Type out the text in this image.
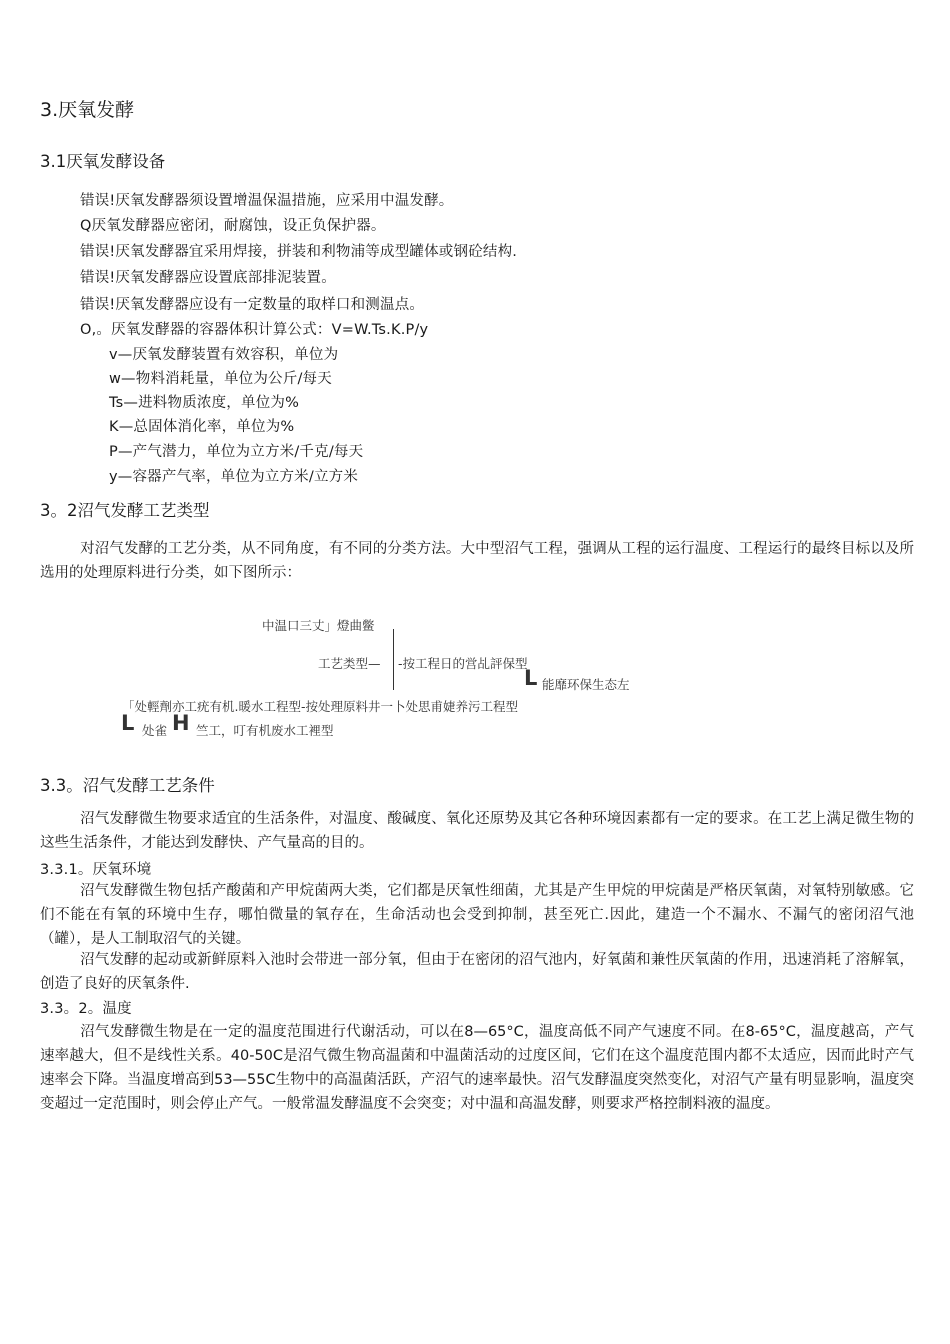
3.厌氧发酵
3.1厌氧发酵设备
错误!厌氧发酵器须设置增温保温措施，应采用中温发酵。
Q厌氧发酵器应密闭，耐腐蚀，设正负保护器。
错误!厌氧发酵器宜采用焊接，拼装和利物浦等成型罐体或钢砼结构.
错误!厌氧发酵器应设置底部排泥装置。
错误!厌氧发酵器应设有一定数量的取样口和测温点。
O,。厌氧发酵器的容器体积计算公式：V=W.Ts.K.P/y
v—厌氧发酵装置有效容积，单位为
w—物料消耗量，单位为公斤/每天
Ts—进料物质浓度，单位为%
K—总固体消化率，单位为%
P—产气潜力，单位为立方米/千克/每天
y—容器产气率，单位为立方米/立方米
3。2沼气发酵工艺类型
对沼气发酵的工艺分类，从不同角度，有不同的分类方法。大中型沼气工程，强调从工程的运行温度、工程运行的最终目标以及所选用的处理原料进行分类，如下图所示：
中温口三丈」燈曲鳖
工艺类型— -按工程日的営乩評保型
L 能靡环保生态左
「处輕劑亦工疣有机.暖水工程型-按处理原料井一卜处思甫婕养污工程型
L 处雀 H 竺工，叮有机废水工裡型
3.3。沼气发酵工艺条件
沼气发酵微生物要求适宜的生活条件，对温度、酸碱度、氧化还原势及其它各种环境因素都有一定的要求。在工艺上满足微生物的这些生活条件，才能达到发酵快、产气量高的目的。
3.3.1。厌氧环境
沼气发酵微生物包括产酸菌和产甲烷菌两大类，它们都是厌氧性细菌，尤其是产生甲烷的甲烷菌是严格厌氧菌，对氧特别敏感。它们不能在有氧的环境中生存，哪怕微量的氧存在，生命活动也会受到抑制，甚至死亡.因此，建造一个不漏水、不漏气的密闭沼气池（罐），是人工制取沼气的关键。
沼气发酵的起动或新鲜原料入池时会带进一部分氧，但由于在密闭的沼气池内，好氧菌和兼性厌氧菌的作用，迅速消耗了溶解氧，创造了良好的厌氧条件.
3.3。2。温度
沼气发酵微生物是在一定的温度范围进行代谢活动，可以在8—65°C，温度高低不同产气速度不同。在8-65°C，温度越高，产气速率越大，但不是线性关系。40-50C是沼气微生物高温菌和中温菌活动的过度区间，它们在这个温度范围内都不太适应，因而此时产气速率会下降。当温度增高到53—55C生物中的高温菌活跃，产沼气的速率最快。沼气发酵温度突然变化，对沼气产量有明显影响，温度突变超过一定范围时，则会停止产气。一般常温发酵温度不会突变；对中温和高温发酵，则要求严格控制料液的温度。
